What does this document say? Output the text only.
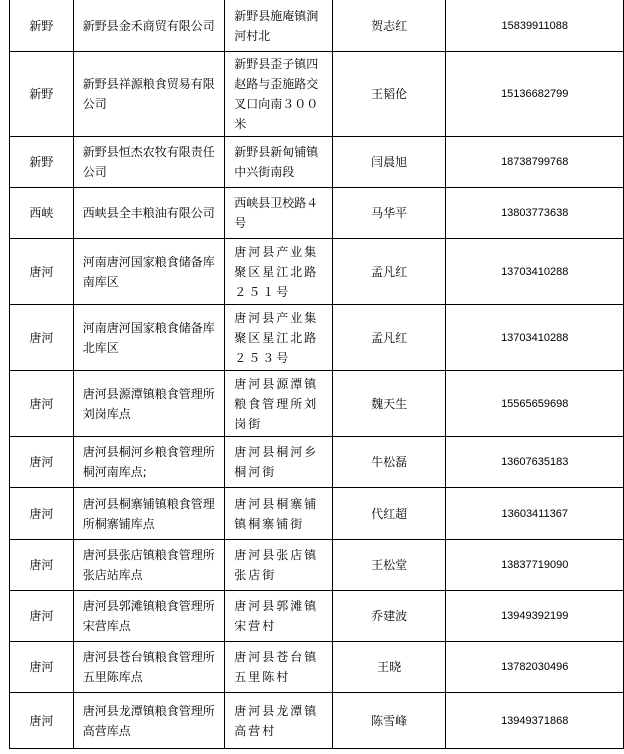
新野	新野县金禾商贸有限公司	新野县施庵镇涧河村北	贺志红	15839911088
新野	新野县祥源粮食贸易有限公司	新野县歪子镇四赵路与歪施路交叉口向南３００米	王韬伦	15136682799
新野	新野县恒杰农牧有限责任公司	新野县新甸铺镇中兴街南段	闫晨旭	18738799768
西峡	西峡县全丰粮油有限公司	西峡县卫校路４号	马华平	13803773638
唐河	河南唐河国家粮食储备库南库区	唐河县产业集聚区星江北路２５１号	孟凡红	13703410288
唐河	河南唐河国家粮食储备库北库区	唐河县产业集聚区星江北路２５３号	孟凡红	13703410288
唐河	唐河县源潭镇粮食管理所刘岗库点	唐河县源潭镇粮食管理所刘岗街	魏天生	15565659698
唐河	唐河县桐河乡粮食管理所桐河南库点;	唐河县桐河乡桐河街	牛松磊	13607635183
唐河	唐河县桐寨铺镇粮食管理所桐寨铺库点	唐河县桐寨铺镇桐寨铺街	代红超	13603411367
唐河	唐河县张店镇粮食管理所张店站库点	唐河县张店镇张店街	王松堂	13837719090
唐河	唐河县郭滩镇粮食管理所宋营库点	唐河县郭滩镇宋营村	乔建波	13949392199
唐河	唐河县苍台镇粮食管理所五里陈库点	唐河县苍台镇五里陈村	王晓	13782030496
唐河	唐河县龙潭镇粮食管理所高营库点	唐河县龙潭镇高营村	陈雪峰	13949371868
